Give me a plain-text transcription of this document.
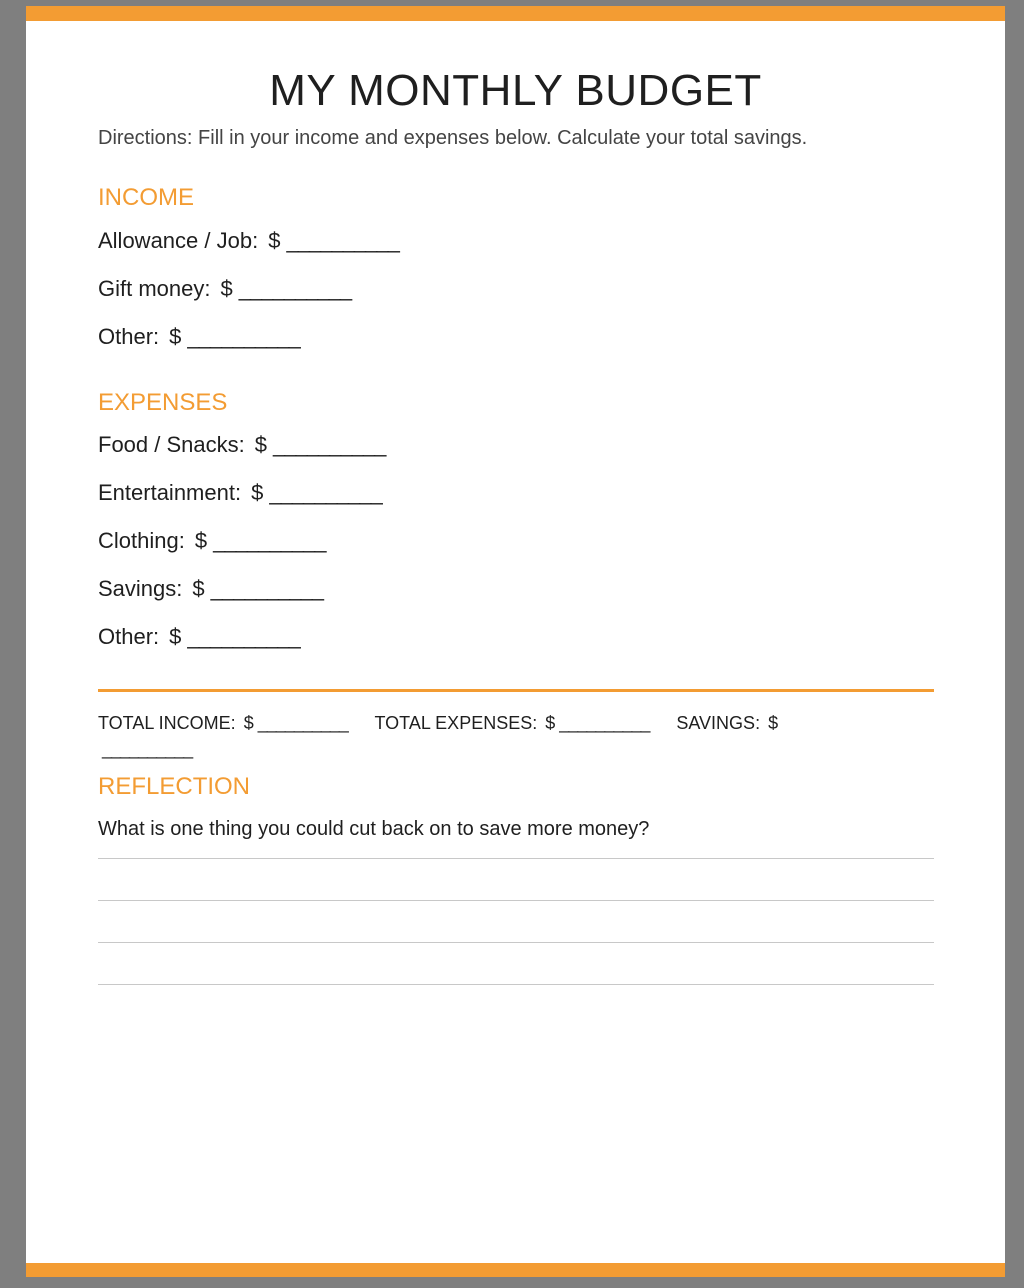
MY MONTHLY BUDGET
Directions: Fill in your income and expenses below. Calculate your total savings.
INCOME
Allowance / Job: $ __________
Gift money: $ __________
Other: $ __________
EXPENSES
Food / Snacks: $ __________
Entertainment: $ __________
Clothing: $ __________
Savings: $ __________
Other: $ __________
TOTAL INCOME: $ __________ TOTAL EXPENSES: $ __________ SAVINGS: $ __________
REFLECTION
What is one thing you could cut back on to save more money?
